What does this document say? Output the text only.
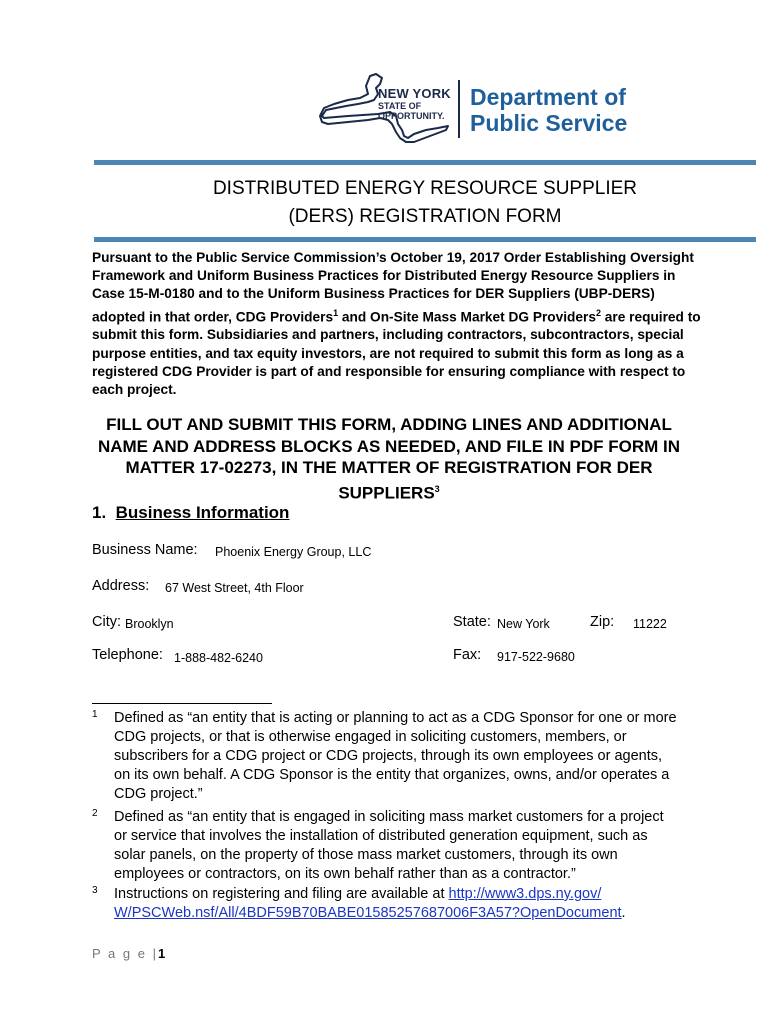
NEW YORK
STATE OF
OPPORTUNITY.
Department of
Public Service
DISTRIBUTED ENERGY RESOURCE SUPPLIER
(DERS) REGISTRATION FORM
Pursuant to the Public Service Commission’s October 19, 2017 Order Establishing Oversight Framework and Uniform Business Practices for Distributed Energy Resource Suppliers in Case 15-M-0180 and to the Uniform Business Practices for DER Suppliers (UBP-DERS) adopted in that order, CDG Providers$^1$ and On-Site Mass Market DG Providers$^2$ are required to submit this form. Subsidiaries and partners, including contractors, subcontractors, special purpose entities, and tax equity investors, are not required to submit this form as long as a registered CDG Provider is part of and responsible for ensuring compliance with respect to each project.
FILL OUT AND SUBMIT THIS FORM, ADDING LINES AND ADDITIONAL NAME AND ADDRESS BLOCKS AS NEEDED, AND FILE IN PDF FORM IN MATTER 17-02273, IN THE MATTER OF REGISTRATION FOR DER SUPPLIERS$^3$
1. Business Information
Business Name: Phoenix Energy Group, LLC
Address: 67 West Street, 4th Floor
City: Brooklyn	State: New York	Zip: 11222
Telephone: 1-888-482-6240	Fax: 917-522-9680
1 Defined as “an entity that is acting or planning to act as a CDG Sponsor for one or more CDG projects, or that is otherwise engaged in soliciting customers, members, or subscribers for a CDG project or CDG projects, through its own employees or agents, on its own behalf. A CDG Sponsor is the entity that organizes, owns, and/or operates a CDG project.”
2 Defined as “an entity that is engaged in soliciting mass market customers for a project or service that involves the installation of distributed generation equipment, such as solar panels, on the property of those mass market customers, through its own employees or contractors, on its own behalf rather than as a contractor.”
3 Instructions on registering and filing are available at http://www3.dps.ny.gov/ W/PSCWeb.nsf/All/4BDF59B70BABE01585257687006F3A57?OpenDocument.
P a g e |1
